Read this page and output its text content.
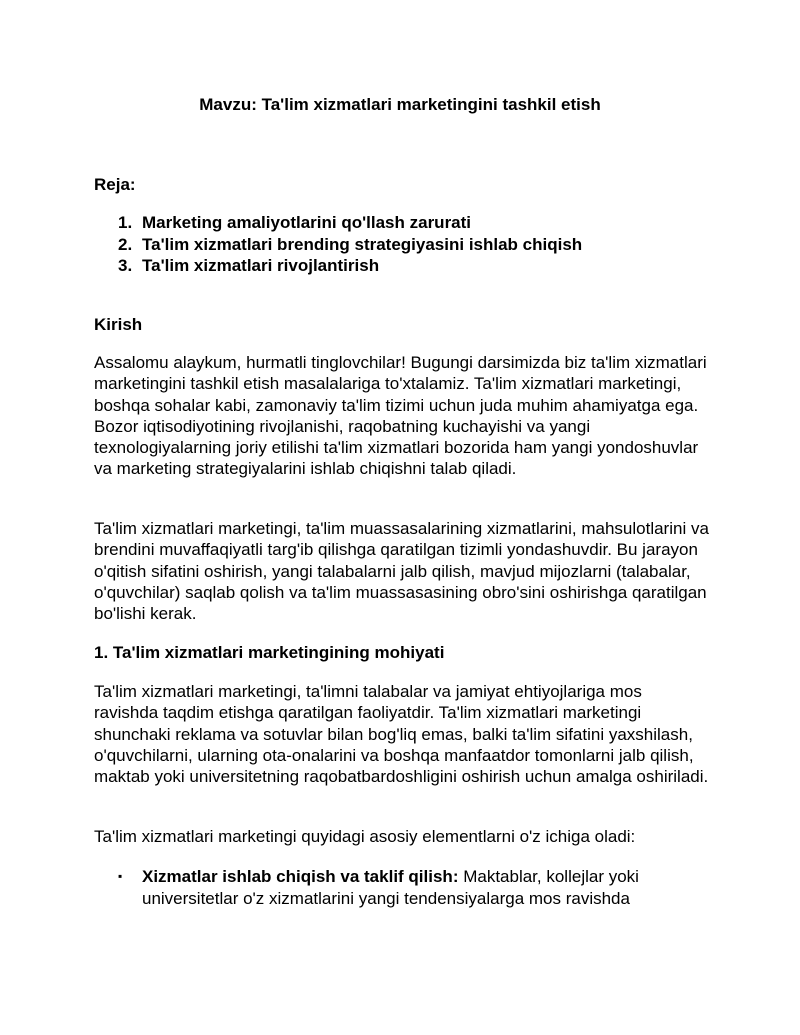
Mavzu: Ta'lim xizmatlari marketingini tashkil etish

Reja:

1. Marketing amaliyotlarini qo'llash zarurati
2. Ta'lim xizmatlari brending strategiyasini ishlab chiqish
3. Ta'lim xizmatlari rivojlantirish

Kirish

Assalomu alaykum, hurmatli tinglovchilar! Bugungi darsimizda biz ta'lim xizmatlari marketingini tashkil etish masalalariga to'xtalamiz. Ta'lim xizmatlari marketingi, boshqa sohalar kabi, zamonaviy ta'lim tizimi uchun juda muhim ahamiyatga ega. Bozor iqtisodiyotining rivojlanishi, raqobatning kuchayishi va yangi texnologiyalarning joriy etilishi ta'lim xizmatlari bozorida ham yangi yondoshuvlar va marketing strategiyalarini ishlab chiqishni talab qiladi.

Ta'lim xizmatlari marketingi, ta'lim muassasalarining xizmatlarini, mahsulotlarini va brendini muvaffaqiyatli targ'ib qilishga qaratilgan tizimli yondashuvdir. Bu jarayon o'qitish sifatini oshirish, yangi talabalarni jalb qilish, mavjud mijozlarni (talabalar, o'quvchilar) saqlab qolish va ta'lim muassasasining obro'sini oshirishga qaratilgan bo'lishi kerak.

1. Ta'lim xizmatlari marketingining mohiyati

Ta'lim xizmatlari marketingi, ta'limni talabalar va jamiyat ehtiyojlariga mos ravishda taqdim etishga qaratilgan faoliyatdir. Ta'lim xizmatlari marketingi shunchaki reklama va sotuvlar bilan bog'liq emas, balki ta'lim sifatini yaxshilash, o'quvchilarni, ularning ota-onalarini va boshqa manfaatdor tomonlarni jalb qilish, maktab yoki universitetning raqobatbardoshligini oshirish uchun amalga oshiriladi.

Ta'lim xizmatlari marketingi quyidagi asosiy elementlarni o'z ichiga oladi:

▪ Xizmatlar ishlab chiqish va taklif qilish: Maktablar, kollejlar yoki universitetlar o'z xizmatlarini yangi tendensiyalarga mos ravishda
